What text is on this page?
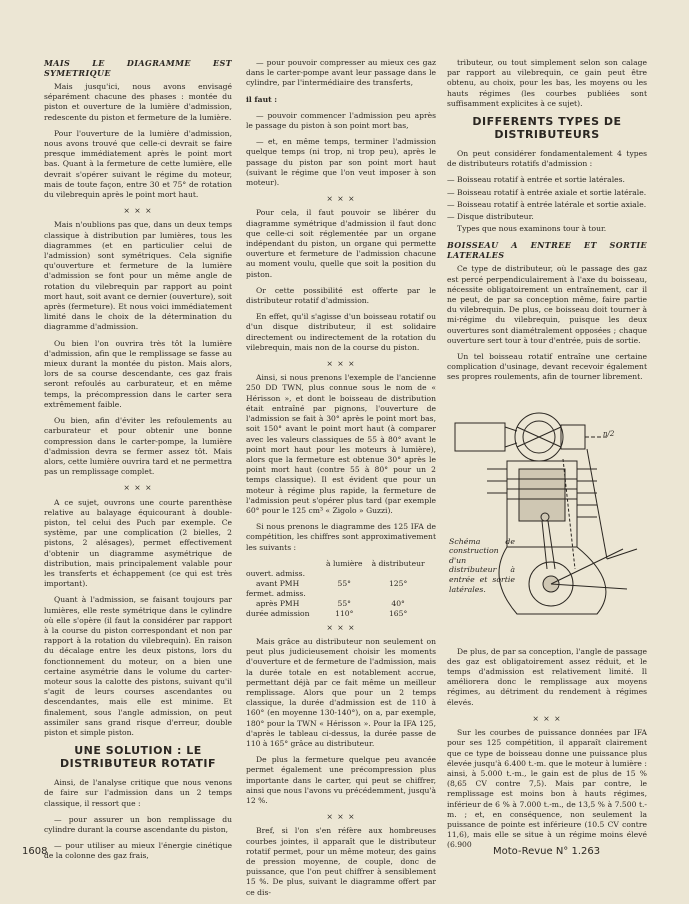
MAIS LE DIAGRAMME EST SYMETRIQUE

Mais jusqu'ici, nous avons envisagé séparément chacune des phases : montée du piston et ouverture de la lumière d'admission, redescente du piston et fermeture de la lumière.

Pour l'ouverture de la lumière d'admission, nous avons trouvé que celle-ci devrait se faire presque immédiatement après le point mort bas. Quant à la fermeture de cette lumière, elle devrait s'opérer suivant le régime du moteur, mais de toute façon, entre 30 et 75° de rotation du vilebrequin après le point mort haut.

× × ×

Mais n'oublions pas que, dans un deux temps classique à distribution par lumières, tous les diagrammes (et en particulier celui de l'admission) sont symétriques. Cela signifie qu'ouverture et fermeture de la lumière d'admission se font pour un même angle de rotation du vilebrequin par rapport au point mort haut, soit avant ce dernier (ouverture), soit après (fermeture). Et nous voici immédiatement limité dans le choix de la détermination du diagramme d'admission.

Ou bien l'on ouvrira très tôt la lumière d'admission, afin que le remplissage se fasse au mieux durant la montée du piston. Mais alors, lors de sa course descendante, ces gaz frais seront refoulés au carburateur, et en même temps, la précompression dans le carter sera extrêmement faible.

Ou bien, afin d'éviter les refoulements au carburateur et pour obtenir une bonne compression dans le carter-pompe, la lumière d'admission devra se fermer assez tôt. Mais alors, cette lumière ouvrira tard et ne permettra pas un remplissage complet.

× × ×

A ce sujet, ouvrons une courte parenthèse relative au balayage équicourant à double-piston, tel celui des Puch par exemple. Ce système, par une complication (2 bielles, 2 pistons, 2 alésages), permet effectivement d'obtenir un diagramme asymétrique de distribution, mais principalement valable pour les transferts et échappement (ce qui est très important).

Quant à l'admission, se faisant toujours par lumières, elle reste symétrique dans le cylindre où elle s'opère (il faut la considérer par rapport à la course du piston correspondant et non par rapport à la rotation du vilebrequin). En raison du décalage entre les deux pistons, lors du fonctionnement du moteur, on a bien une certaine asymétrie dans le volume du carter-moteur sous la calotte des pistons, suivant qu'il s'agit de leurs courses ascendantes ou descendantes, mais elle est minime. Et finalement, sous l'angle admission, on peut assimiler sans grand risque d'erreur, double piston et simple piston.

UNE SOLUTION : LE DISTRIBUTEUR ROTATIF

Ainsi, de l'analyse critique que nous venons de faire sur l'admission dans un 2 temps classique, il ressort que :

— pour assurer un bon remplissage du cylindre durant la course ascendante du piston,

— pour utiliser au mieux l'énergie cinétique de la colonne des gaz frais,

— pour pouvoir compresser au mieux ces gaz dans le carter-pompe avant leur passage dans le cylindre, par l'intermédiaire des transferts,

il faut :

— pouvoir commencer l'admission peu après le passage du piston à son point mort bas,

— et, en même temps, terminer l'admission quelque temps (ni trop, ni trop peu), après le passage du piston par son point mort haut (suivant le régime que l'on veut imposer à son moteur).

× × ×

Pour cela, il faut pouvoir se libérer du diagramme symétrique d'admission il faut donc que celle-ci soit réglementée par un organe indépendant du piston, un organe qui permette ouverture et fermeture de l'admission chacune au moment voulu, quelle que soit la position du piston.

Or cette possibilité est offerte par le distributeur rotatif d'admission.

En effet, qu'il s'agisse d'un boisseau rotatif ou d'un disque distributeur, il est solidaire directement ou indirectement de la rotation du vilebrequin, mais non de la course du piston.

× × ×

Ainsi, si nous prenons l'exemple de l'ancienne 250 DD TWN, plus connue sous le nom de « Hérisson », et dont le boisseau de distribution était entraîné par pignons, l'ouverture de l'admission se fait à 30° après le point mort bas, soit 150° avant le point mort haut (à comparer avec les valeurs classiques de 55 à 80° avant le point mort haut pour les moteurs à lumière), alors que la fermeture est obtenue 30° après le point mort haut (contre 55 à 80° pour un 2 temps classique). Il est évident que pour un moteur à régime plus rapide, la fermeture de l'admission peut s'opérer plus tard (par exemple 60° pour le 125 cm³ « Zigolo » Guzzi).

Si nous prenons le diagramme des 125 IFA de compétition, les chiffres sont approximativement les suivants :

	à lumière	à distributeur
ouvert. admiss.		
avant PMH	55°	125°
fermet. admiss.		
après PMH	55°	40°
durée admission	110°	165°
× × ×

Mais grâce au distributeur non seulement on peut plus judicieusement choisir les moments d'ouverture et de fermeture de l'admission, mais la durée totale en est notablement accrue, permettant déjà par ce fait même un meilleur remplissage. Alors que pour un 2 temps classique, la durée d'admission est de 110 à 160° (en moyenne 130-140°), on a, par exemple, 180° pour la TWN « Hérisson ». Pour la IFA 125, d'après le tableau ci-dessus, la durée passe de 110 à 165° grâce au distributeur.

De plus la fermeture quelque peu avancée permet également une précompression plus importante dans le carter, qui peut se chiffrer, ainsi que nous l'avons vu précédemment, jusqu'à 12 %.

× × ×

Bref, si l'on s'en réfère aux hombreuses courbes jointes, il apparaît que le distributeur rotatif permet, pour un même moteur, des gains de pression moyenne, de couple, donc de puissance, que l'on peut chiffrer à sensiblement 15 %. De plus, suivant le diagramme offert par ce dis-

tributeur, ou tout simplement selon son calage par rapport au vilebrequin, ce gain peut être obtenu, au choix, pour les bas, les moyens ou les hauts régimes (les courbes publiées sont suffisamment explicites à ce sujet).

DIFFERENTS TYPES DE DISTRIBUTEURS

On peut considérer fondamentalement 4 types de distributeurs rotatifs d'admission :

— Boisseau rotatif à entrée et sortie latérales.

— Boisseau rotatif à entrée axiale et sortie latérale.

— Boisseau rotatif à entrée latérale et sortie axiale.

— Disque distributeur.

Types que nous examinons tour à tour.

BOISSEAU A ENTREE ET SORTIE LATERALES

Ce type de distributeur, où le passage des gaz est percé perpendiculairement à l'axe du boisseau, nécessite obligatoirement un entraînement, car il ne peut, de par sa conception même, faire partie du vilebrequin. De plus, ce boisseau doit tourner à mi-régime du vilebrequin, puisque les deux ouvertures sont diamétralement opposées ; chaque ouverture sert tour à tour d'entrée, puis de sortie.

Un tel boisseau rotatif entraîne une certaine complication d'usinage, devant recevoir également ses propres roulements, afin de tourner librement.

n/2
Schéma de construction d'un distributeur à entrée et sortie latérales.

De plus, de par sa conception, l'angle de passage des gaz est obligatoirement assez réduit, et le temps d'admission est relativement limité. Il améliorera donc le remplissage aux moyens régimes, au détriment du rendement à régimes élevés.

× × ×

Sur les courbes de puissance données par IFA pour ses 125 compétition, il apparaît clairement que ce type de boisseau donne une puissance plus élevée jusqu'à 6.400 t.-m. que le moteur à lumière : ainsi, à 5.000 t.-m., le gain est de plus de 15 % (8,65 CV contre 7,5). Mais par contre, le remplissage est moins bon à hauts régimes, inférieur de 6 % à 7.000 t.-m., de 13,5 % à 7.500 t.-m. ; et, en conséquence, non seulement la puissance de pointe est inférieure (10.5 CV contre 11,6), mais elle se situe à un régime moins élevé (6.900

1608	Moto-Revue N° 1.263
